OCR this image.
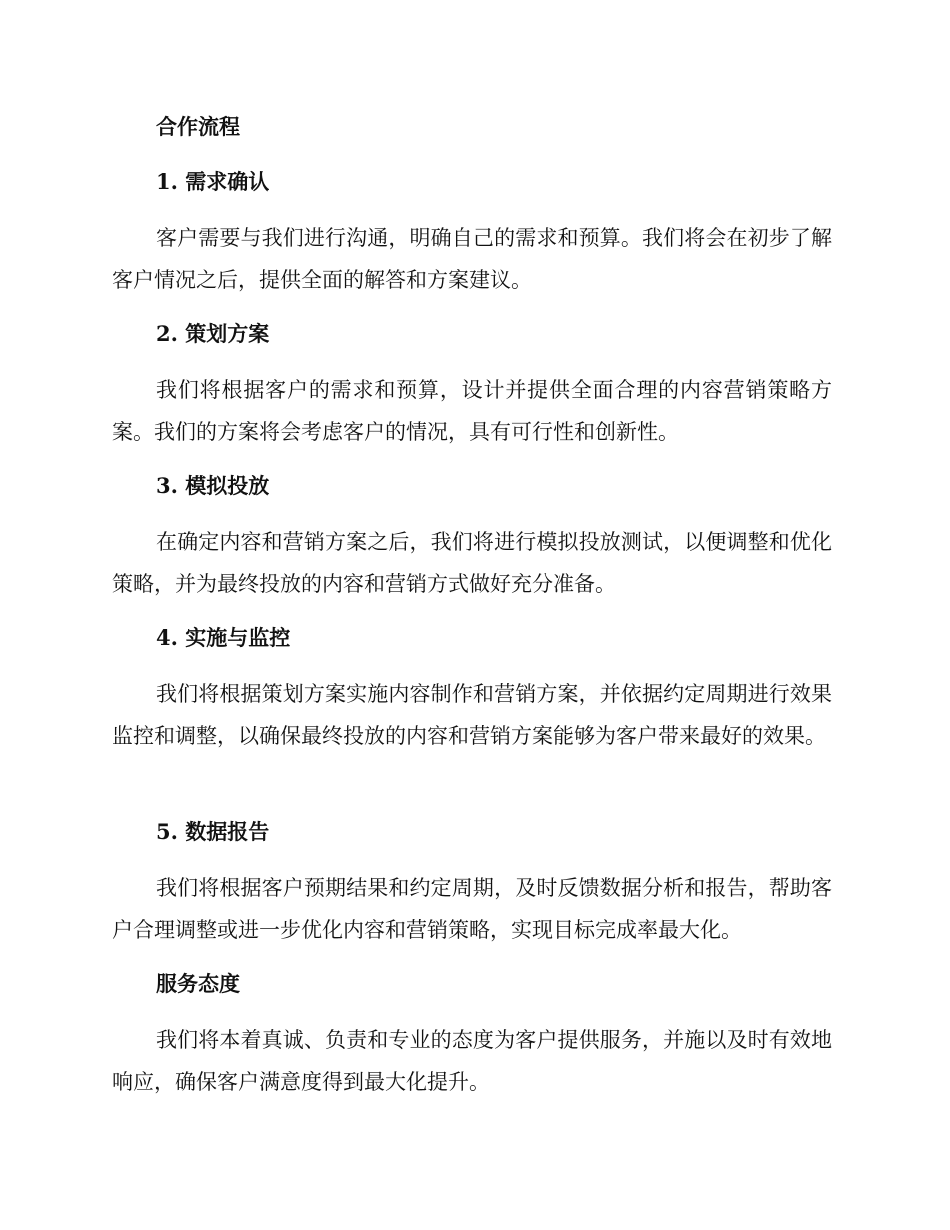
合作流程

1. 需求确认

客户需要与我们进行沟通，明确自己的需求和预算。我们将会在初步了解客户情况之后，提供全面的解答和方案建议。

2. 策划方案

我们将根据客户的需求和预算，设计并提供全面合理的内容营销策略方案。我们的方案将会考虑客户的情况，具有可行性和创新性。

3. 模拟投放

在确定内容和营销方案之后，我们将进行模拟投放测试，以便调整和优化策略，并为最终投放的内容和营销方式做好充分准备。

4. 实施与监控

我们将根据策划方案实施内容制作和营销方案，并依据约定周期进行效果监控和调整，以确保最终投放的内容和营销方案能够为客户带来最好的效果。

5. 数据报告

我们将根据客户预期结果和约定周期，及时反馈数据分析和报告，帮助客户合理调整或进一步优化内容和营销策略，实现目标完成率最大化。

服务态度

我们将本着真诚、负责和专业的态度为客户提供服务，并施以及时有效地响应，确保客户满意度得到最大化提升。
